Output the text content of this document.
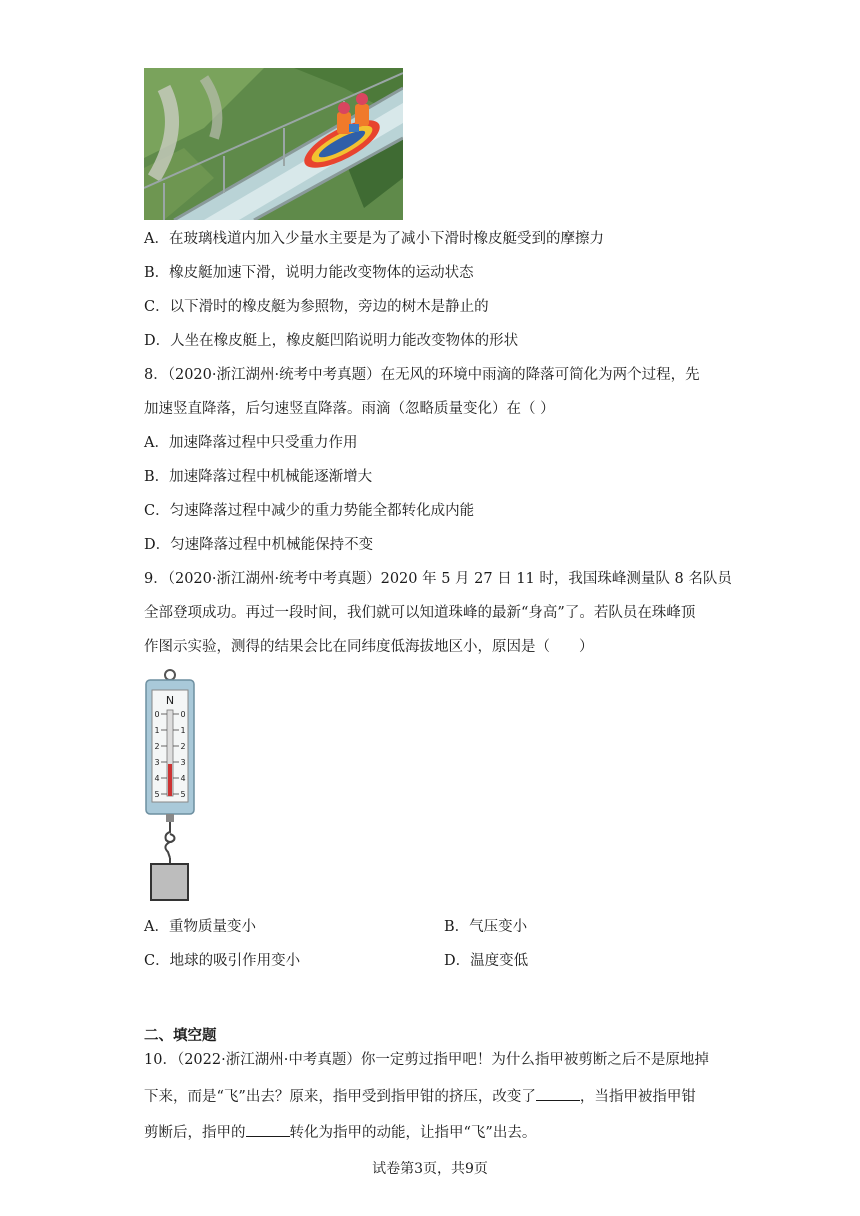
A．在玻璃栈道内加入少量水主要是为了减小下滑时橡皮艇受到的摩擦力
B．橡皮艇加速下滑，说明力能改变物体的运动状态
C．以下滑时的橡皮艇为参照物，旁边的树木是静止的
D．人坐在橡皮艇上，橡皮艇凹陷说明力能改变物体的形状
8．（2020·浙江湖州·统考中考真题）在无风的环境中雨滴的降落可简化为两个过程，先
加速竖直降落，后匀速竖直降落。雨滴（忽略质量变化）在（ ）
A．加速降落过程中只受重力作用
B．加速降落过程中机械能逐渐增大
C．匀速降落过程中减少的重力势能全都转化成内能
D．匀速降落过程中机械能保持不变
9．（2020·浙江湖州·统考中考真题）2020 年 5 月 27 日 11 时，我国珠峰测量队 8 名队员
全部登项成功。再过一段时间，我们就可以知道珠峰的最新“身高”了。若队员在珠峰顶
作图示实验，测得的结果会比在同纬度低海拔地区小，原因是（　　）
N
0	0
1	1
2	2
3	3
4	4
5	5
A．重物质量变小	B．气压变小
C．地球的吸引作用变小	D．温度变低
二、填空题
10．（2022·浙江湖州·中考真题）你一定剪过指甲吧！为什么指甲被剪断之后不是原地掉
下来，而是“飞”出去？原来，指甲受到指甲钳的挤压，改变了	，当指甲被指甲钳
剪断后，指甲的	转化为指甲的动能，让指甲“飞”出去。
试卷第3页，共9页
